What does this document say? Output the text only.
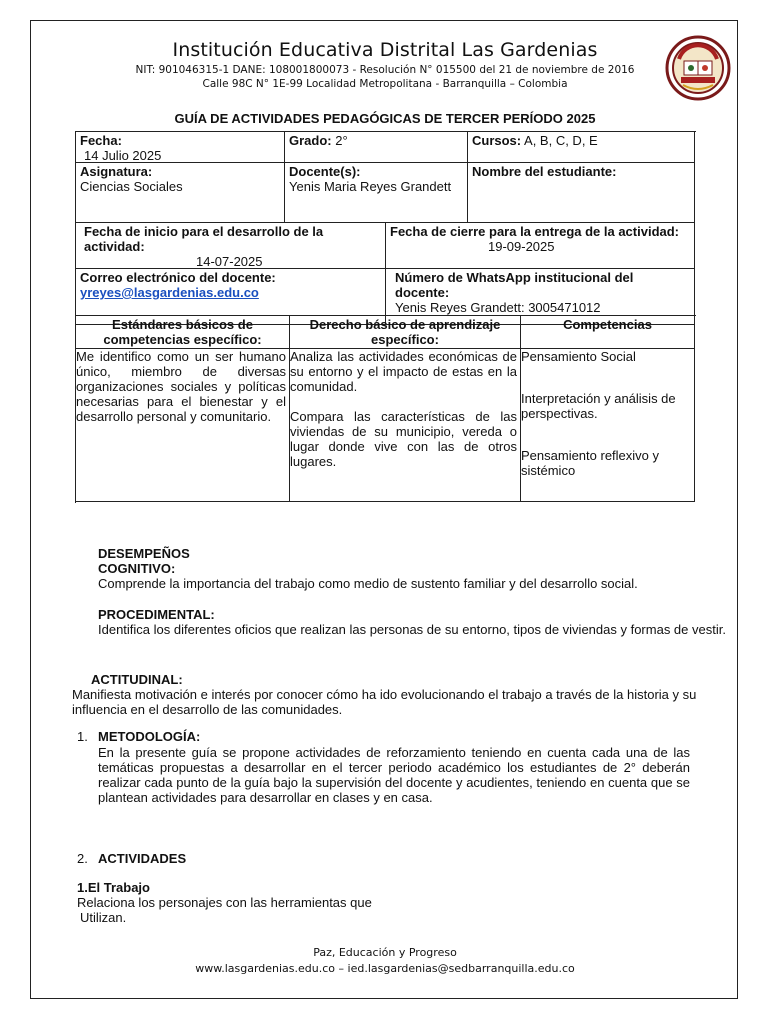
Institución Educativa Distrital Las Gardenias
NIT: 901046315-1 DANE: 108001800073 - Resolución N° 015500 del 21 de noviembre de 2016
Calle 98C N° 1E-99 Localidad Metropolitana - Barranquilla – Colombia
GUÍA DE ACTIVIDADES PEDAGÓGICAS DE TERCER PERÍODO 2025
Fecha:
14 Julio 2025
Grado: 2°	Cursos: A, B, C, D, E
Asignatura:
Ciencias Sociales
Docente(s):
Yenis Maria Reyes Grandett
Nombre del estudiante:
Fecha de inicio para el desarrollo de la actividad:
14-07-2025
Fecha de cierre para la entrega de la actividad:
19-09-2025
Correo electrónico del docente:
yreyes@lasgardenias.edu.co
Número de WhatsApp institucional del docente:
Yenis Reyes Grandett: 3005471012
Estándares básicos de competencias específico:
Derecho básico de aprendizaje específico:
Competencias
Me identifico como un ser humano único, miembro de diversas organizaciones sociales y políticas necesarias para el bienestar y el desarrollo personal y comunitario.
Analiza las actividades económicas de su entorno y el impacto de estas en la comunidad.
Compara las características de las viviendas de su municipio, vereda o lugar donde vive con las de otros lugares.
Pensamiento Social
Interpretación y análisis de perspectivas.
Pensamiento reflexivo y sistémico
DESEMPEÑOS
COGNITIVO:
Comprende la importancia del trabajo como medio de sustento familiar y del desarrollo social.
PROCEDIMENTAL:
Identifica los diferentes oficios que realizan las personas de su entorno, tipos de viviendas y formas de vestir.
ACTITUDINAL:
Manifiesta motivación e interés por conocer cómo ha ido evolucionando el trabajo a través de la historia y su influencia en el desarrollo de las comunidades.
1. METODOLOGÍA:
En la presente guía se propone actividades de reforzamiento teniendo en cuenta cada una de las temáticas propuestas a desarrollar en el tercer periodo académico los estudiantes de 2° deberán realizar cada punto de la guía bajo la supervisión del docente y acudientes, teniendo en cuenta que se plantean actividades para desarrollar en clases y en casa.
2. ACTIVIDADES
1.El Trabajo
Relaciona los personajes con las herramientas que
Utilizan.
Paz, Educación y Progreso
www.lasgardenias.edu.co – ied.lasgardenias@sedbarranquilla.edu.co
